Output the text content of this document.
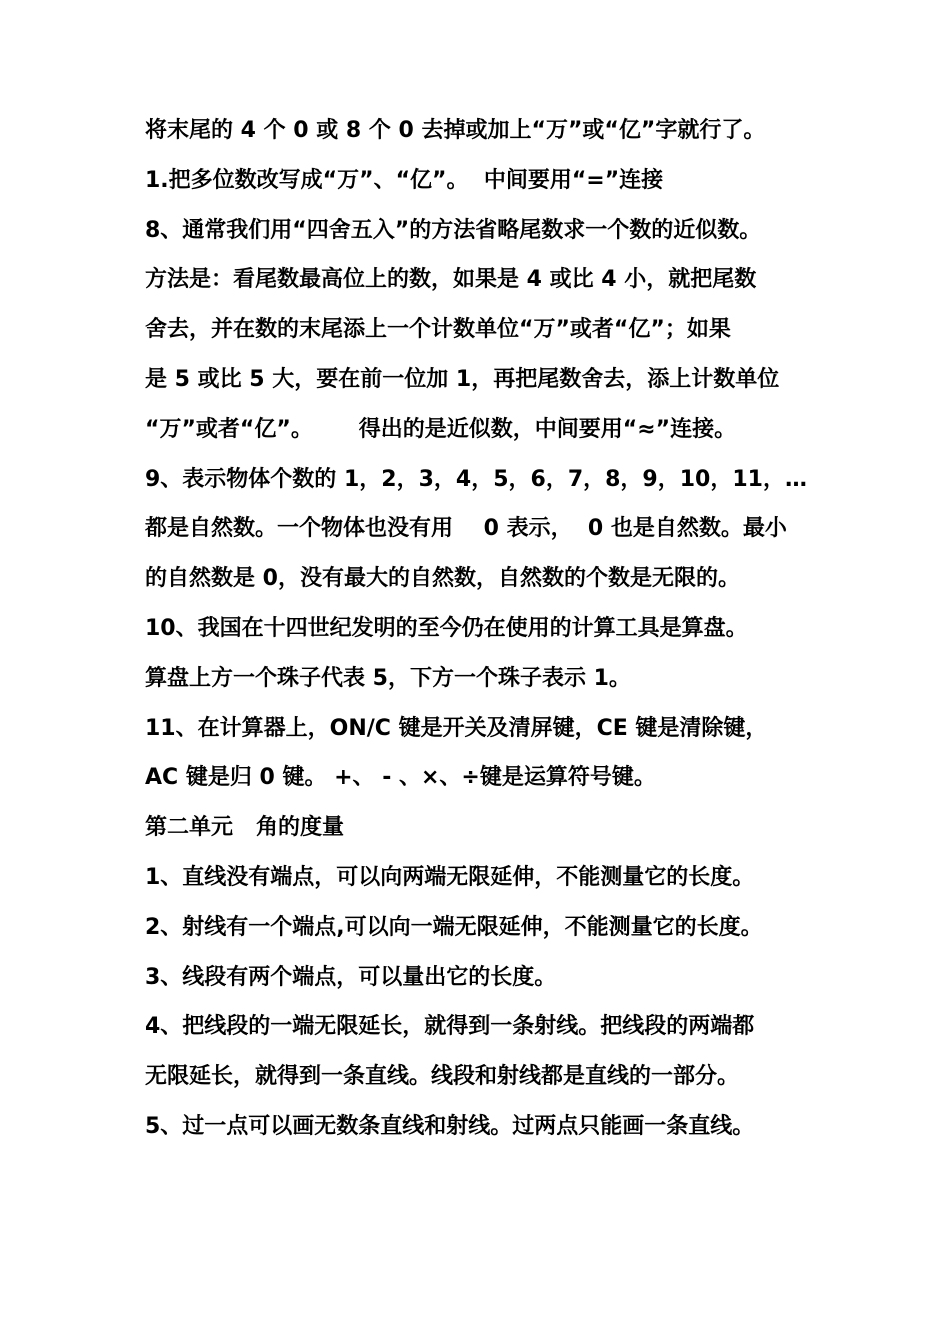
将末尾的 4 个 0 或 8 个 0 去掉或加上“万”或“亿”字就行了。
1.把多位数改写成“万”、“亿”。  中间要用“=”连接
8、通常我们用“四舍五入”的方法省略尾数求一个数的近似数。
方法是：看尾数最高位上的数，如果是 4 或比 4 小，就把尾数
舍去，并在数的末尾添上一个计数单位“万”或者“亿”；如果
是 5 或比 5 大，要在前一位加 1，再把尾数舍去，添上计数单位
“万”或者“亿”。      得出的是近似数，中间要用“≈”连接。
9、表示物体个数的 1，2，3，4，5，6，7，8，9，10，11，…
都是自然数。一个物体也没有用    0 表示，  0 也是自然数。最小
的自然数是 0，没有最大的自然数，自然数的个数是无限的。
10、我国在十四世纪发明的至今仍在使用的计算工具是算盘。
算盘上方一个珠子代表 5，下方一个珠子表示 1。
11、在计算器上，ON/C 键是开关及清屏键，CE 键是清除键，
AC 键是归 0 键。 +、 - 、×、÷键是运算符号键。
第二单元   角的度量
1、直线没有端点，可以向两端无限延伸，不能测量它的长度。
2、射线有一个端点,可以向一端无限延伸，不能测量它的长度。
3、线段有两个端点，可以量出它的长度。
4、把线段的一端无限延长，就得到一条射线。把线段的两端都
无限延长，就得到一条直线。线段和射线都是直线的一部分。
5、过一点可以画无数条直线和射线。过两点只能画一条直线。
